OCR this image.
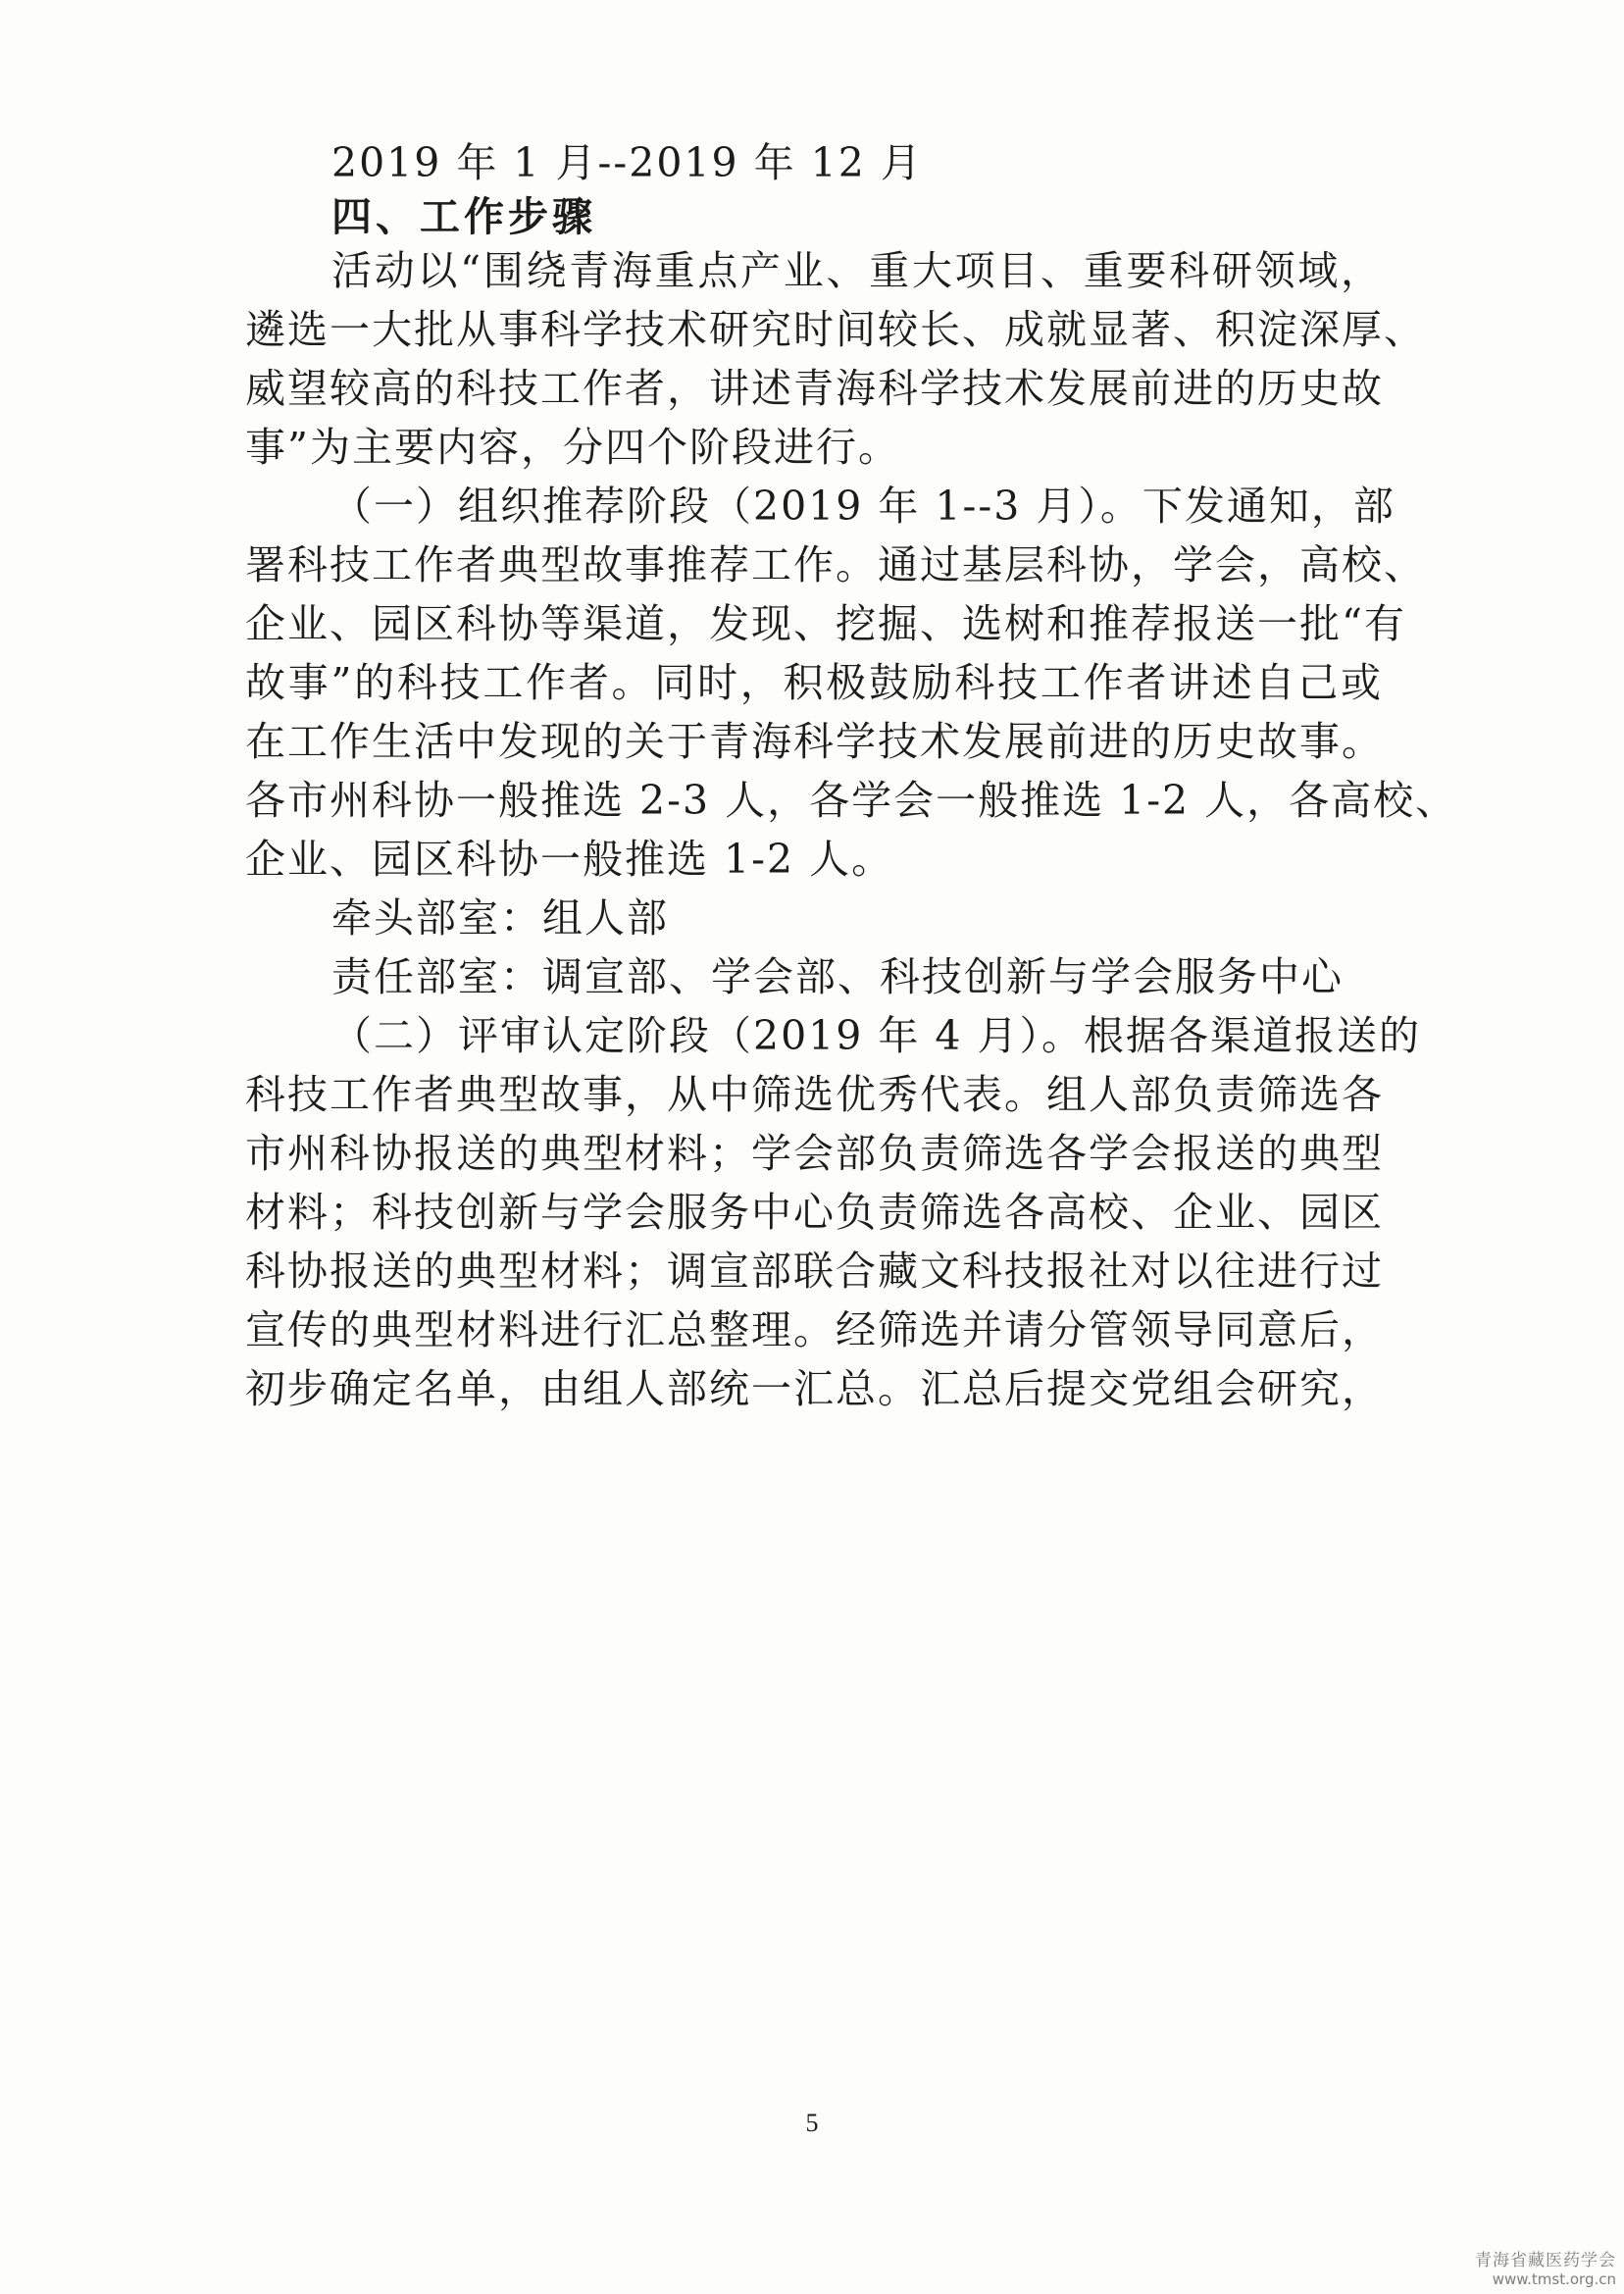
2019 年 1 月--2019 年 12 月
四、工作步骤
活动以“围绕青海重点产业、重大项目、重要科研领域，
遴选一大批从事科学技术研究时间较长、成就显著、积淀深厚、
威望较高的科技工作者，讲述青海科学技术发展前进的历史故
事”为主要内容，分四个阶段进行。
（一）组织推荐阶段（2019 年 1--3 月）。下发通知，部
署科技工作者典型故事推荐工作。通过基层科协，学会，高校、
企业、园区科协等渠道，发现、挖掘、选树和推荐报送一批“有
故事”的科技工作者。同时，积极鼓励科技工作者讲述自己或
在工作生活中发现的关于青海科学技术发展前进的历史故事。
各市州科协一般推选 2-3 人，各学会一般推选 1-2 人，各高校、
企业、园区科协一般推选 1-2 人。
牵头部室：组人部
责任部室：调宣部、学会部、科技创新与学会服务中心
（二）评审认定阶段（2019 年 4 月）。根据各渠道报送的
科技工作者典型故事，从中筛选优秀代表。组人部负责筛选各
市州科协报送的典型材料；学会部负责筛选各学会报送的典型
材料；科技创新与学会服务中心负责筛选各高校、企业、园区
科协报送的典型材料；调宣部联合藏文科技报社对以往进行过
宣传的典型材料进行汇总整理。经筛选并请分管领导同意后，
初步确定名单，由组人部统一汇总。汇总后提交党组会研究，
5
青海省藏医药学会
www.tmst.org.cn
